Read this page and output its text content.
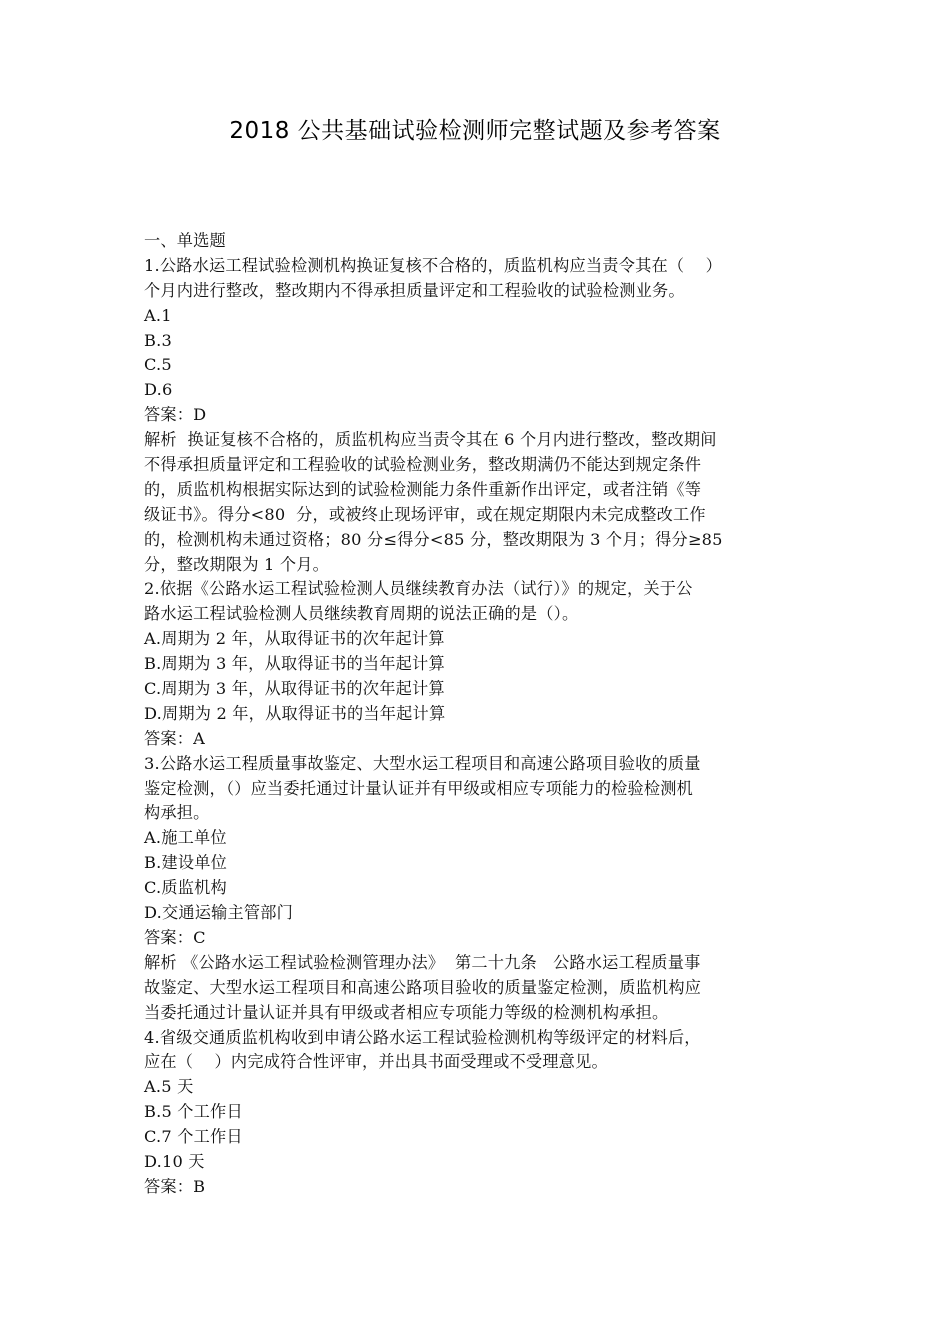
2018 公共基础试验检测师完整试题及参考答案
一、单选题
1.公路水运工程试验检测机构换证复核不合格的，质监机构应当责令其在（    ）
个月内进行整改，整改期内不得承担质量评定和工程验收的试验检测业务。
A.1
B.3
C.5
D.6
答案：D
解析  换证复核不合格的，质监机构应当责令其在 6 个月内进行整改，整改期间
不得承担质量评定和工程验收的试验检测业务，整改期满仍不能达到规定条件
的，质监机构根据实际达到的试验检测能力条件重新作出评定，或者注销《等
级证书》。得分<80  分，或被终止现场评审，或在规定期限内未完成整改工作
的，检测机构未通过资格；80 分≤得分<85 分，整改期限为 3 个月；得分≥85
分，整改期限为 1 个月。
2.依据《公路水运工程试验检测人员继续教育办法（试行）》的规定，关于公
路水运工程试验检测人员继续教育周期的说法正确的是（）。
A.周期为 2 年，从取得证书的次年起计算
B.周期为 3 年，从取得证书的当年起计算
C.周期为 3 年，从取得证书的次年起计算
D.周期为 2 年，从取得证书的当年起计算
答案：A
3.公路水运工程质量事故鉴定、大型水运工程项目和高速公路项目验收的质量
鉴定检测，（）应当委托通过计量认证并有甲级或相应专项能力的检验检测机
构承担。
A.施工单位
B.建设单位
C.质监机构
D.交通运输主管部门
答案：C
解析 《公路水运工程试验检测管理办法》  第二十九条   公路水运工程质量事
故鉴定、大型水运工程项目和高速公路项目验收的质量鉴定检测，质监机构应
当委托通过计量认证并具有甲级或者相应专项能力等级的检测机构承担。
4.省级交通质监机构收到申请公路水运工程试验检测机构等级评定的材料后，
应在（    ）内完成符合性评审，并出具书面受理或不受理意见。
A.5 天
B.5 个工作日
C.7 个工作日
D.10 天
答案：B
